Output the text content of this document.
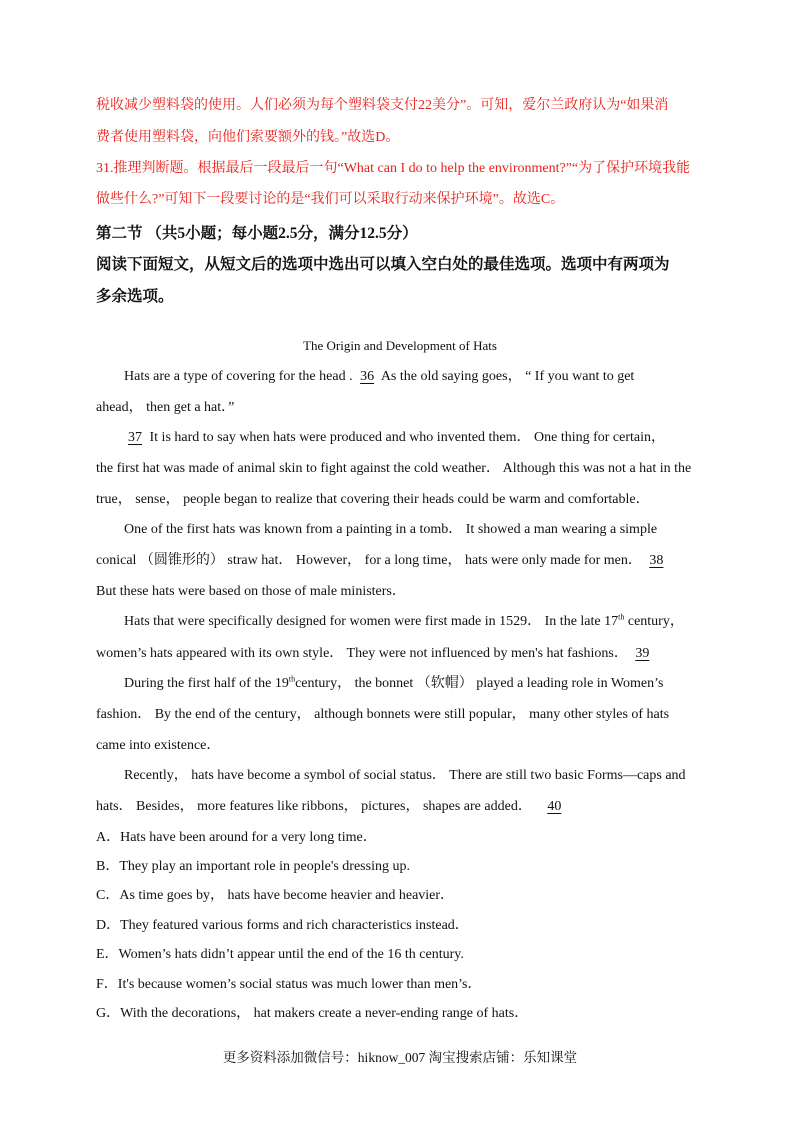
税收减少塑料袋的使用。人们必须为每个塑料袋支付22美分”。可知，爱尔兰政府认为“如果消
费者使用塑料袋，向他们索要额外的钱。”故选D。
31.推理判断题。根据最后一段最后一句“What can I do to help the environment?”“为了保护环境我能
做些什么?”可知下一段要讨论的是“我们可以采取行动来保护环境”。故选C。
第二节 （共5小题；每小题2.5分，满分12.5分）
阅读下面短文，从短文后的选项中选出可以填入空白处的最佳选项。选项中有两项为
多余选项。
The Origin and Development of Hats
Hats are a type of covering for the head . 36 As the old saying goes， “ If you want to get
ahead， then get a hat．”
37 It is hard to say when hats were produced and who invented them． One thing for certain，
the first hat was made of animal skin to fight against the cold weather． Although this was not a hat in the
true， sense， people began to realize that covering their heads could be warm and comfortable．
One of the first hats was known from a painting in a tomb． It showed a man wearing a simple
conical （圆锥形的） straw hat． However， for a long time， hats were only made for men． 38
But these hats were based on those of male ministers．
Hats that were specifically designed for women were first made in 1529． In the late 17th century，
women’s hats appeared with its own style． They were not influenced by men's hat fashions． 39
During the first half of the 19thcentury， the bonnet （软帽） played a leading role in Women’s
fashion． By the end of the century， although bonnets were still popular， many other styles of hats
came into existence．
Recently， hats have become a symbol of social status． There are still two basic Forms—caps and
hats． Besides， more features like ribbons， pictures， shapes are added． 40
A．Hats have been around for a very long time．
B．They play an important role in people's dressing up.
C．As time goes by， hats have become heavier and heavier．
D．They featured various forms and rich characteristics instead．
E．Women’s hats didn’t appear until the end of the 16 th century.
F．It's because women’s social status was much lower than men’s．
G．With the decorations， hat makers create a never-ending range of hats．
更多资料添加微信号：hiknow_007 淘宝搜索店铺：乐知课堂
